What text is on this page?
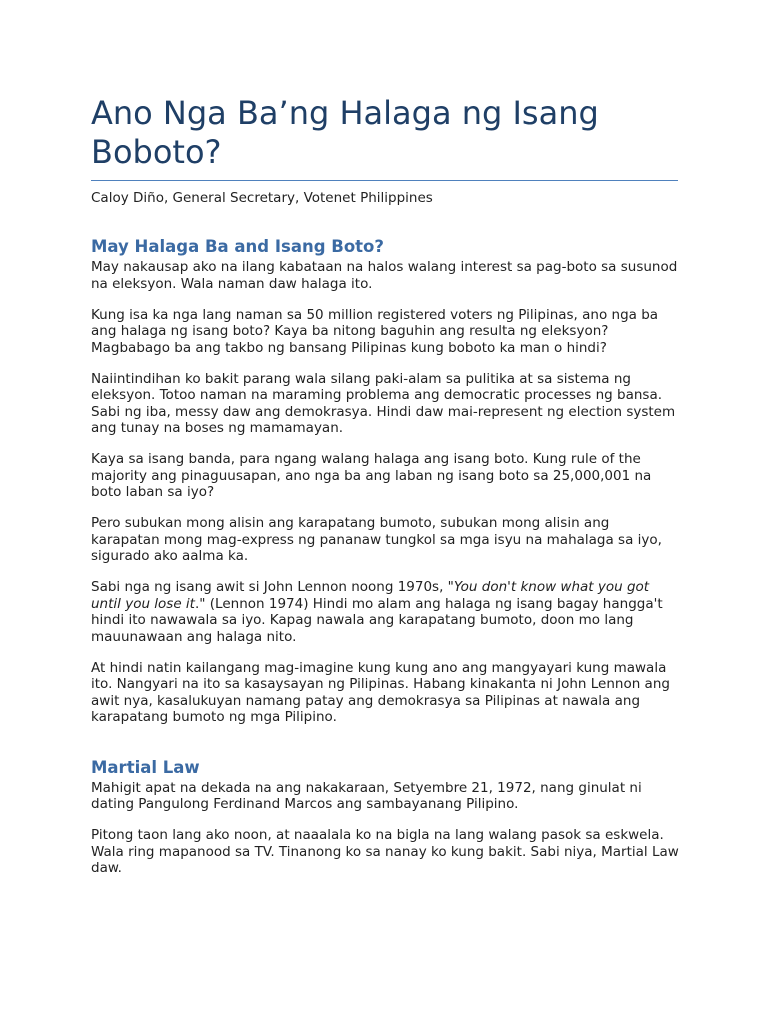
Ano Nga Ba’ng Halaga ng Isang Boboto?

Caloy Diño, General Secretary, Votenet Philippines

May Halaga Ba and Isang Boto?

May nakausap ako na ilang kabataan na halos walang interest sa pag-boto sa susunod na eleksyon. Wala naman daw halaga ito.

Kung isa ka nga lang naman sa 50 million registered voters ng Pilipinas, ano nga ba ang halaga ng isang boto? Kaya ba nitong baguhin ang resulta ng eleksyon? Magbabago ba ang takbo ng bansang Pilipinas kung boboto ka man o hindi?

Naiintindihan ko bakit parang wala silang paki-alam sa pulitika at sa sistema ng eleksyon. Totoo naman na maraming problema ang democratic processes ng bansa. Sabi ng iba, messy daw ang demokrasya. Hindi daw mai-represent ng election system ang tunay na boses ng mamamayan.

Kaya sa isang banda, para ngang walang halaga ang isang boto. Kung rule of the majority ang pinaguusapan, ano nga ba ang laban ng isang boto sa 25,000,001 na boto laban sa iyo?

Pero subukan mong alisin ang karapatang bumoto, subukan mong alisin ang karapatan mong mag-express ng pananaw tungkol sa mga isyu na mahalaga sa iyo, sigurado ako aalma ka.

Sabi nga ng isang awit si John Lennon noong 1970s, "You don't know what you got until you lose it." (Lennon 1974) Hindi mo alam ang halaga ng isang bagay hangga't hindi ito nawawala sa iyo. Kapag nawala ang karapatang bumoto, doon mo lang mauunawaan ang halaga nito.

At hindi natin kailangang mag-imagine kung kung ano ang mangyayari kung mawala ito. Nangyari na ito sa kasaysayan ng Pilipinas. Habang kinakanta ni John Lennon ang awit nya, kasalukuyan namang patay ang demokrasya sa Pilipinas at nawala ang karapatang bumoto ng mga Pilipino.

Martial Law

Mahigit apat na dekada na ang nakakaraan, Setyembre 21, 1972, nang ginulat ni dating Pangulong Ferdinand Marcos ang sambayanang Pilipino.

Pitong taon lang ako noon, at naaalala ko na bigla na lang walang pasok sa eskwela. Wala ring mapanood sa TV. Tinanong ko sa nanay ko kung bakit. Sabi niya, Martial Law daw.
